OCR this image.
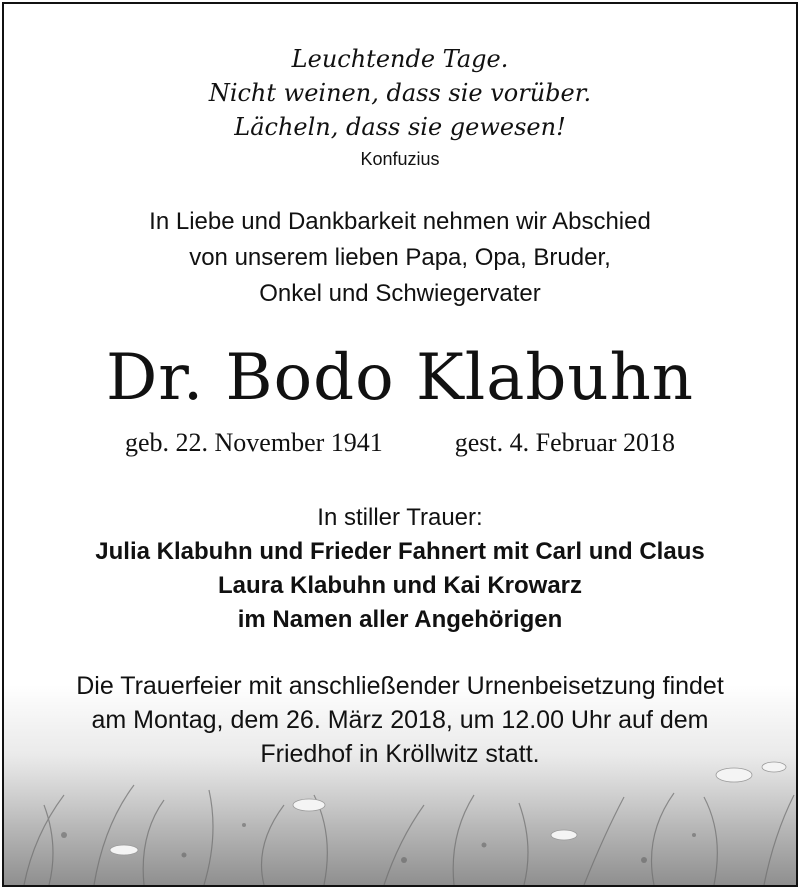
Leuchtende Tage.
Nicht weinen, dass sie vorüber.
Lächeln, dass sie gewesen!
Konfuzius
In Liebe und Dankbarkeit nehmen wir Abschied
von unserem lieben Papa, Opa, Bruder,
Onkel und Schwiegervater
Dr. Bodo Klabuhn
geb. 22. November 1941	gest. 4. Februar 2018
In stiller Trauer:
Julia Klabuhn und Frieder Fahnert mit Carl und Claus
Laura Klabuhn und Kai Krowarz
im Namen aller Angehörigen
Die Trauerfeier mit anschließender Urnenbeisetzung findet
am Montag, dem 26. März 2018, um 12.00 Uhr auf dem
Friedhof in Kröllwitz statt.
